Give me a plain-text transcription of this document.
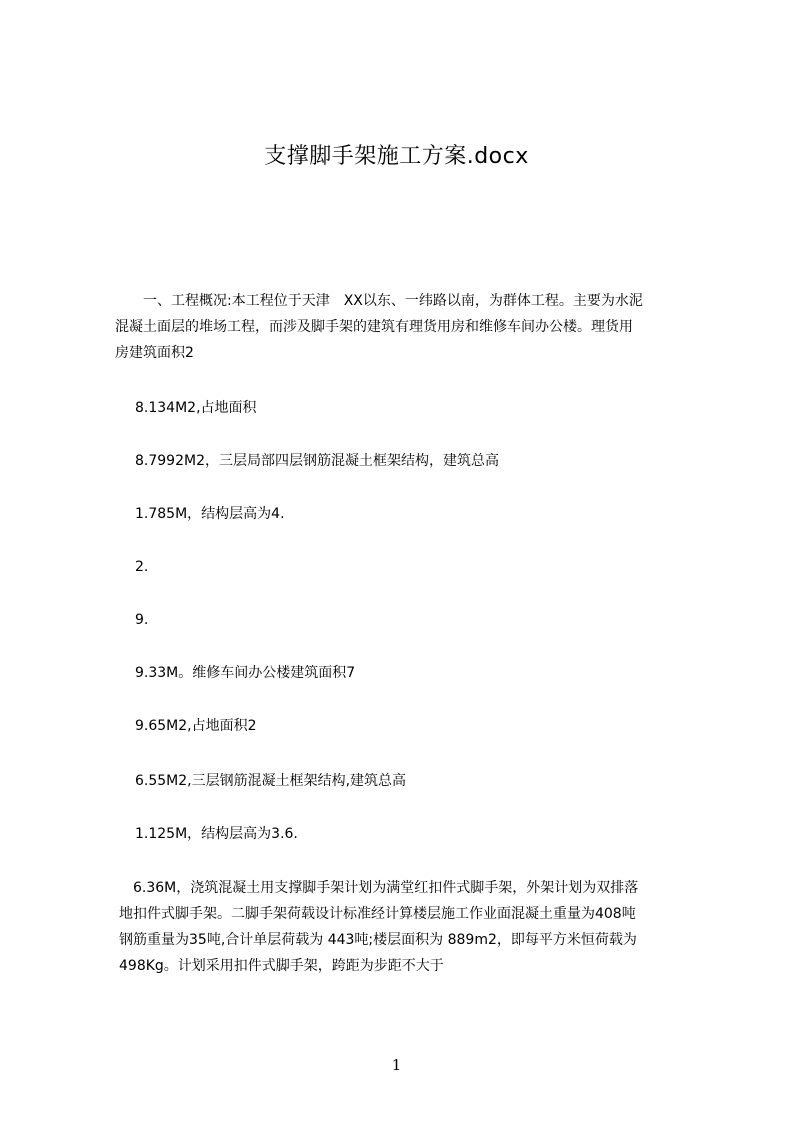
支撑脚手架施工方案.docx
　　一、工程概况:本工程位于天津　XX以东、一纬路以南，为群体工程。主要为水泥
混凝土面层的堆场工程，而涉及脚手架的建筑有理货用房和维修车间办公楼。理货用
房建筑面积2
8.134M2,占地面积
8.7992M2，三层局部四层钢筋混凝土框架结构，建筑总高
1.785M，结构层高为4.
2.
9.
9.33M。维修车间办公楼建筑面积7
9.65M2,占地面积2
6.55M2,三层钢筋混凝土框架结构,建筑总高
1.125M，结构层高为3.6.
　6.36M，浇筑混凝土用支撑脚手架计划为满堂红扣件式脚手架，外架计划为双排落
地扣件式脚手架。二脚手架荷载设计标准经计算楼层施工作业面混凝土重量为408吨
钢筋重量为35吨,合计单层荷载为 443吨;楼层面积为 889m2，即每平方米恒荷载为
498Kg。计划采用扣件式脚手架，跨距为步距不大于
1
